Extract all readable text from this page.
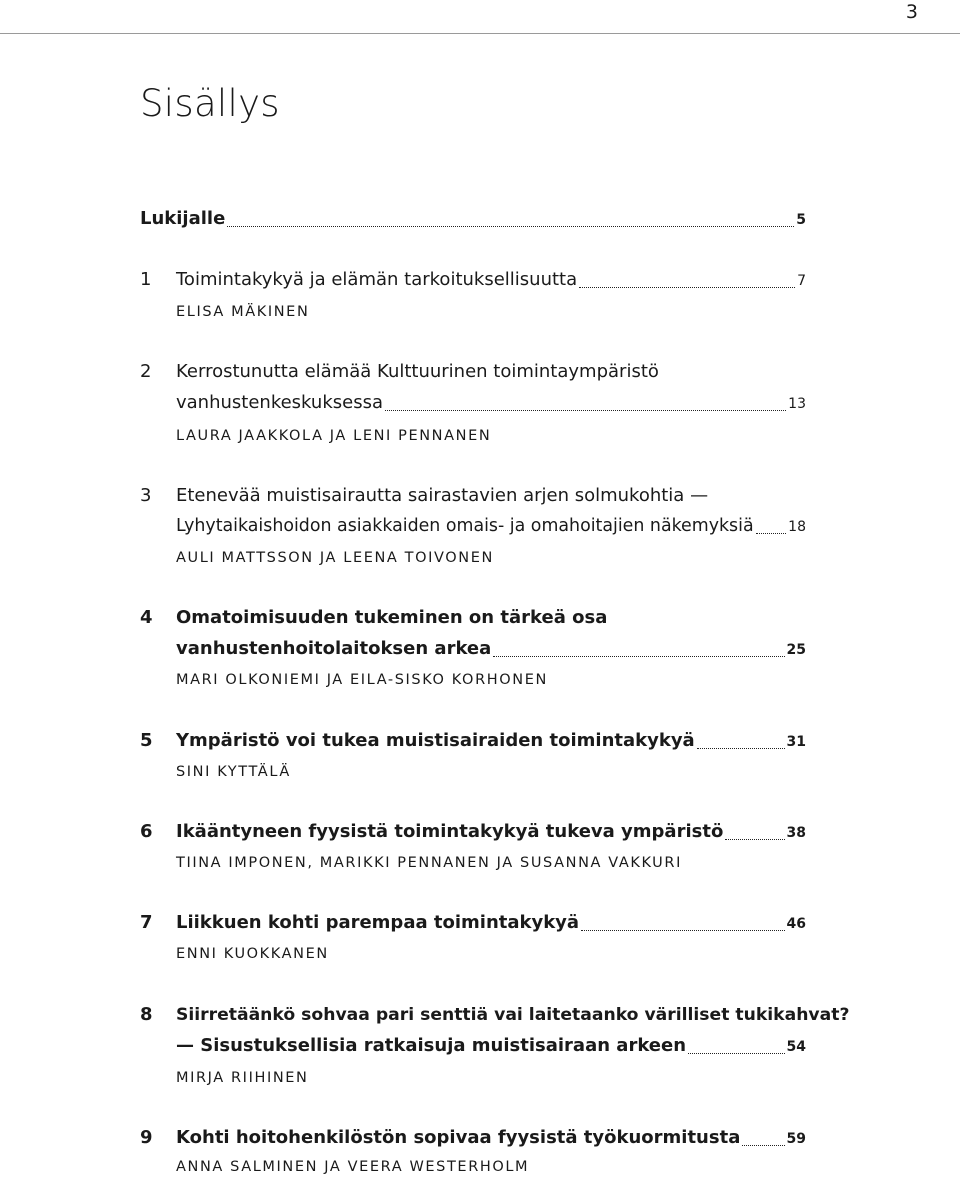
3
Sisällys
Lukijalle	5
1 Toimintakykyä ja elämän tarkoituksellisuutta	7
ELISA MÄKINEN
2 Kerrostunutta elämää Kulttuurinen toimintaympäristö
vanhustenkeskuksessa	13
LAURA JAAKKOLA JA LENI PENNANEN
3 Etenevää muistisairautta sairastavien arjen solmukohtia —
Lyhytaikaishoidon asiakkaiden omais- ja omahoitajien näkemyksiä 18
AULI MATTSSON JA LEENA TOIVONEN
4 Omatoimisuuden tukeminen on tärkeä osa
vanhustenhoitolaitoksen arkea	25
MARI OLKONIEMI JA EILA-SISKO KORHONEN
5 Ympäristö voi tukea muistisairaiden toimintakykyä	31
SINI KYTTÄLÄ
6 Ikääntyneen fyysistä toimintakykyä tukeva ympäristö	38
TIINA IMPONEN, MARIKKI PENNANEN JA SUSANNA VAKKURI
7 Liikkuen kohti parempaa toimintakykyä	46
ENNI KUOKKANEN
8 Siirretäänkö sohvaa pari senttiä vai laitetaanko värilliset tukikahvat?
— Sisustuksellisia ratkaisuja muistisairaan arkeen	54
MIRJA RIIHINEN
9 Kohti hoitohenkilöstön sopivaa fyysistä työkuormitusta	59
ANNA SALMINEN JA VEERA WESTERHOLM
